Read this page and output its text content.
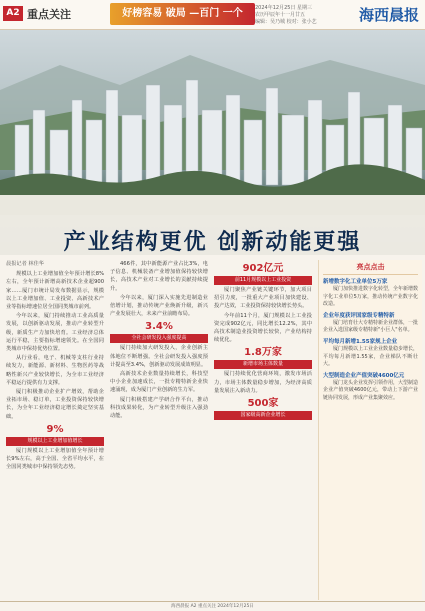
A2 重点关注	好榜容易 破局 —百门 一个	2024年12月25日 星期三
农历甲辰年十一月廿五
编辑：吴乃城 校对：张小艺	海西晨报
产业结构更优 创新动能更强

晨报记者 林佳华

规模以上工业增加值全年预计增长8%左右，全年预计新增高新技术企业超900家……厦门市统计局发布数据显示，规模以上工业增加值、工业投资、高新技术产业等指标增速位居全国同类城市前列。

今年以来，厦门持续推动工业高质量发展，以创新驱动发展，推动产业转型升级，新质生产力加快培育。工业经济总体运行平稳，主要指标增速领先。在全国同类城市中保持优势位置。

从行业看，电子、机械等支柱行业持续发力，新能源、新材料、生物医药等战略性新兴产业较快增长，为全市工业经济平稳运行提供有力支撑。

厦门积极推动企业扩产增效，帮助企业拓市场、稳订单，工业投资保持较快增长，为全年工业经济稳定增长奠定坚实基础。

9%

规模以上工业增加值增长

厦门规模以上工业增加值全年预计增长9%左右，高于全国、全省平均水平，在全国同类城市中保持领先态势。

466件，其中新能源产业占比3%，电子信息、机械装备产业增加值保持较快增长，高技术产业对工业增长的贡献持续提升。

今年以来，厦门深入实施先进制造业倍增计划，推动传统产业焕新升级，新兴产业发展壮大，未来产业前瞻布局。

3.4%

全社会研发投入强度提高

厦门持续加大研发投入，企业创新主体地位不断增强。全社会研发投入强度预计提高至3.4%，创新驱动发展成效明显。

高新技术企业数量持续增长，科技型中小企业加速成长，一批专精特新企业快速涌现，成为厦门产业创新的生力军。

厦门积极搭建产学研合作平台，推动科技成果转化，为产业转型升级注入强劲动能。

902亿元

前11月规模以上工业投资

厦门聚焦产业链关键环节，加大项目招引力度，一批重大产业项目加快建设、投产达效，工业投资保持较快增长势头。

今年前11个月，厦门规模以上工业投资完成902亿元，同比增长12.2%，其中高技术制造业投资增长较快，产业结构持续优化。

1.8万家

新增市场主体数量

厦门持续优化营商环境，激发市场活力，市场主体数量稳步增加，为经济高质量发展注入新动力。

500家

国家级高新企业增长

亮点点击
新增数字化工业单位5万家
厦门加快推进数字化转型，全年新增数字化工业单位5万家，推动传统产业数字化改造。
企业年度获评国家级专精特新
厦门培育壮大专精特新企业群体，一批企业入选国家级专精特新"小巨人"名单。
平均每月新增1.55家规上企业
厦门规模以上工业企业数量稳步增长，平均每月新增1.55家，企业梯队不断壮大。
大型制造企业产值突破4600亿元
厦门龙头企业发挥引领作用，大型制造企业产值突破4600亿元，带动上下游产业链协同发展，形成产业集聚效应。
海西晨报 A2 重点关注 2024年12月25日
